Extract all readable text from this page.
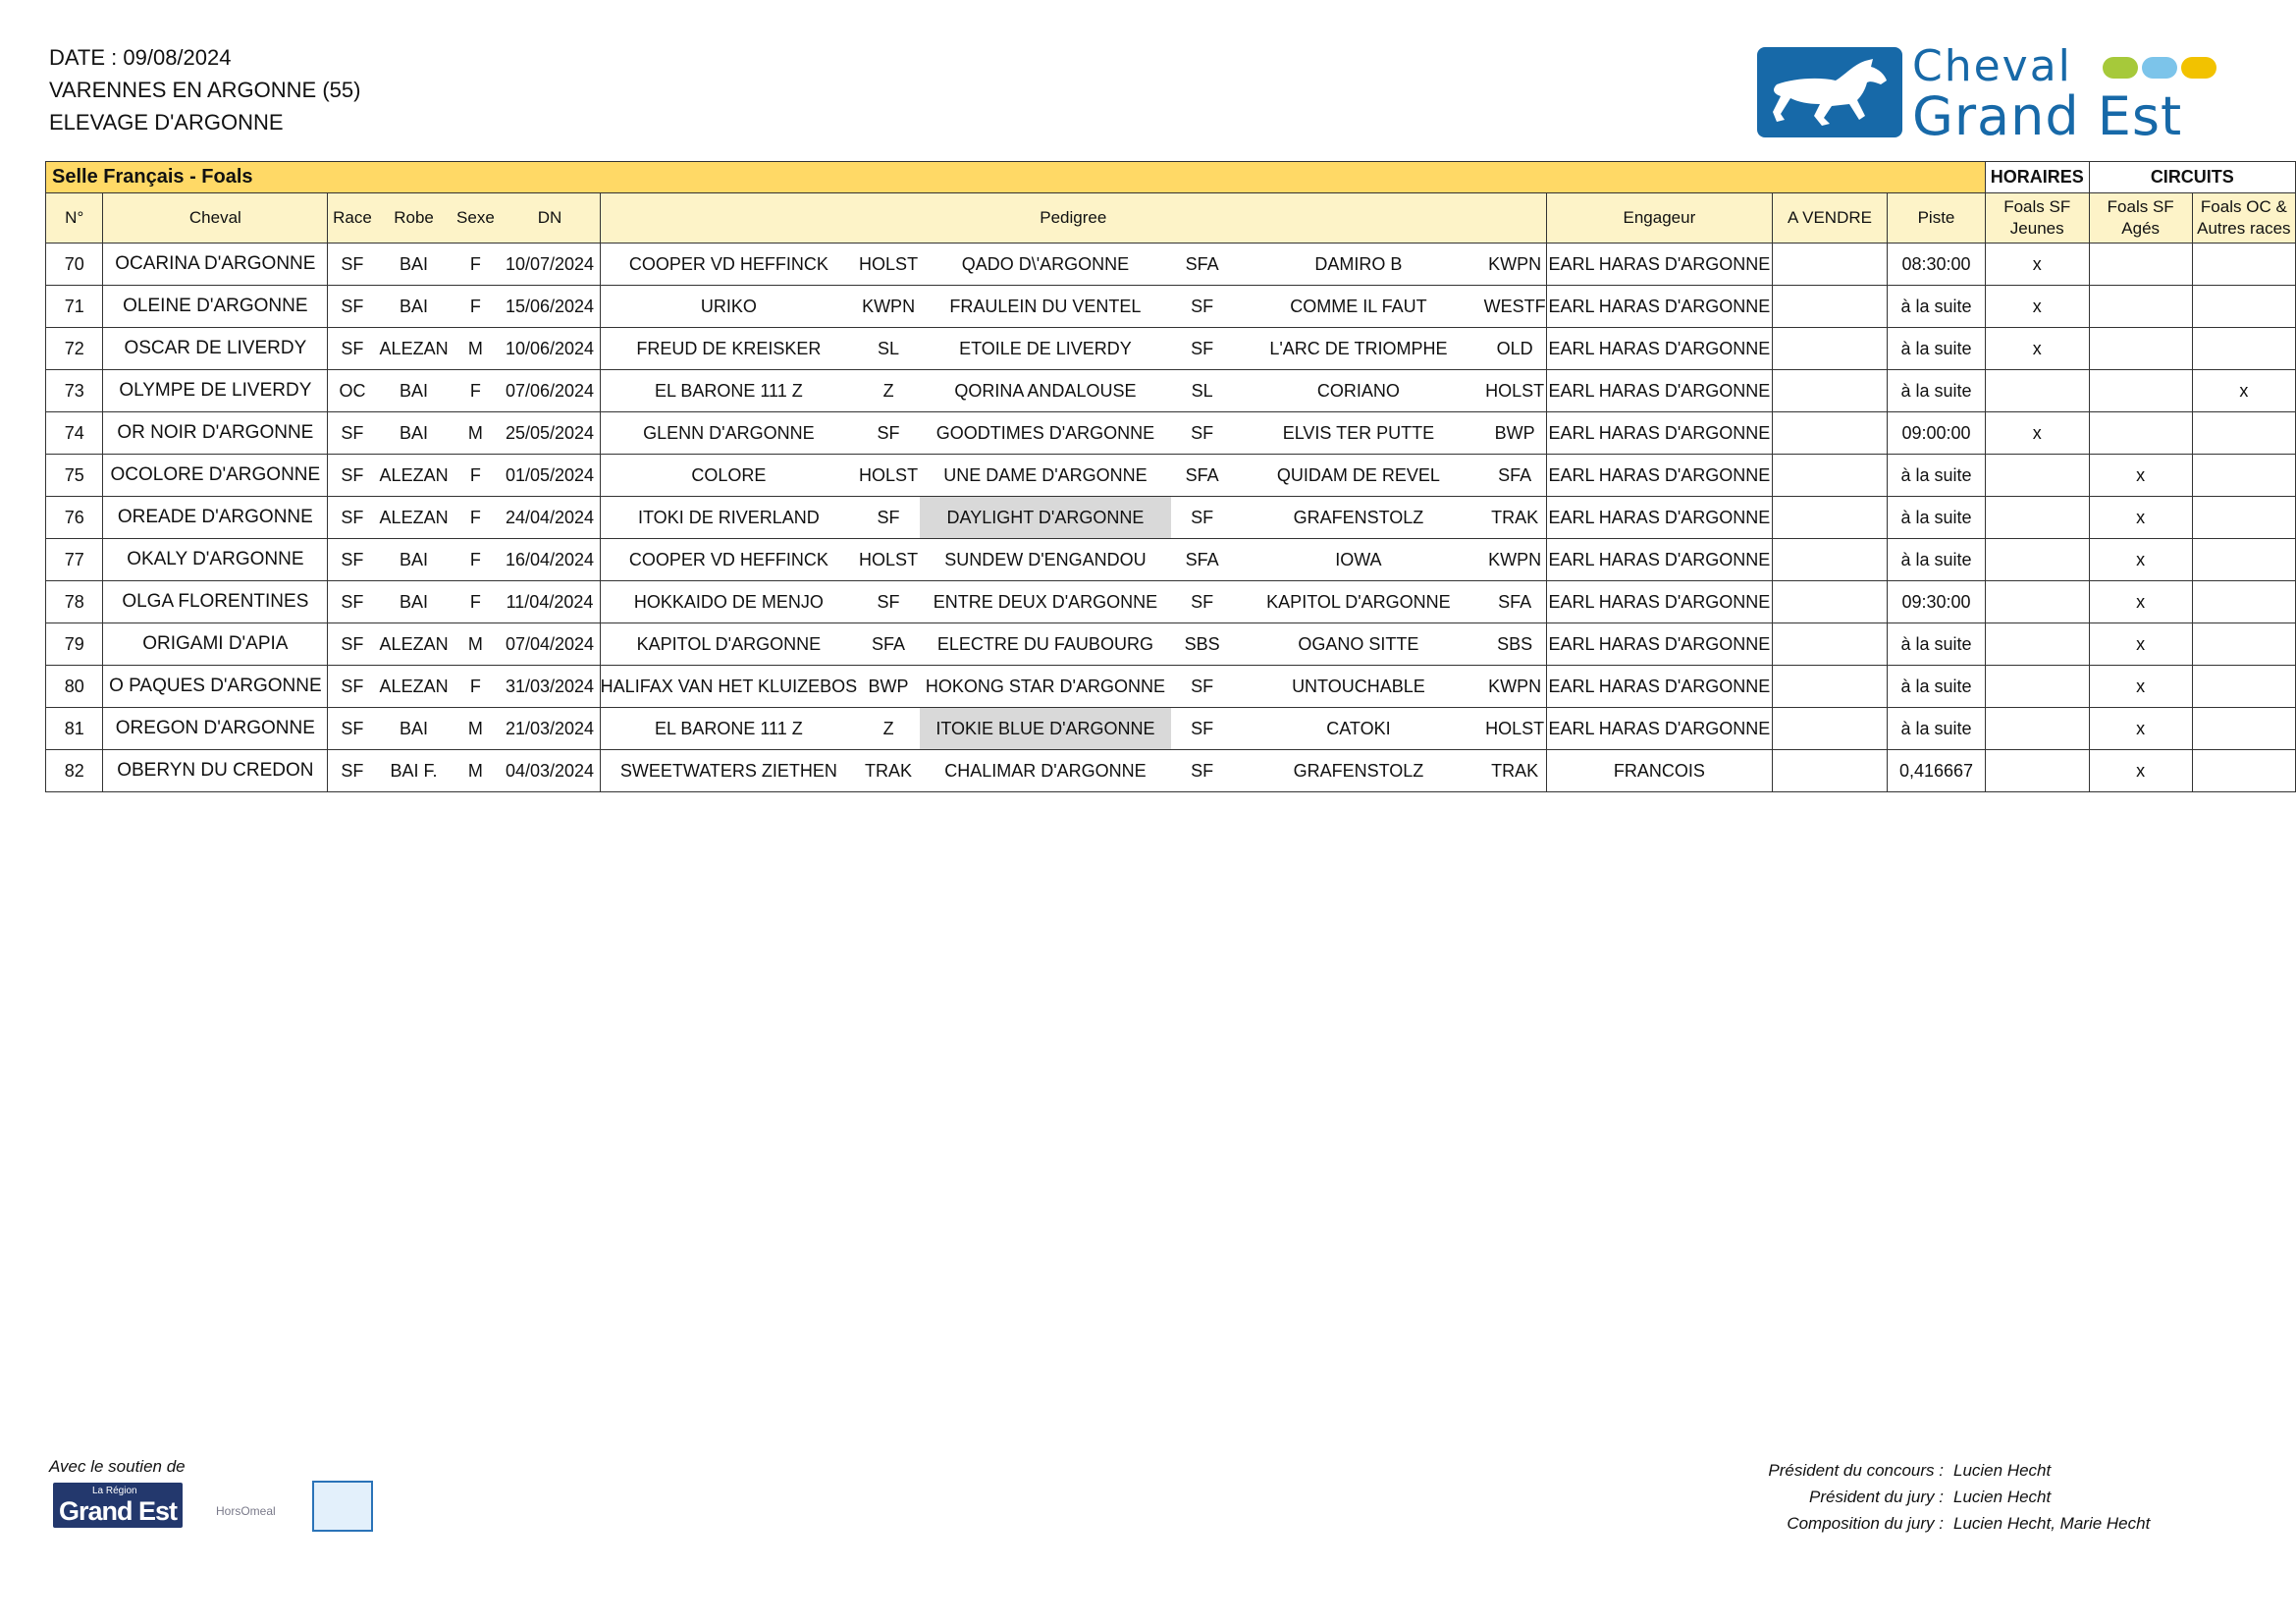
DATE : 09/08/2024
VARENNES EN ARGONNE (55)
ELEVAGE D'ARGONNE
Cheval
Grand Est
Selle Français - Foals															HORAIRES	CIRCUITS	
N°	Cheval	Race	Robe	Sexe	DN	Pedigree						Engageur	A VENDRE	Piste	Foals SF Jeunes	Foals SF Agés	Foals OC & Autres races
70	OCARINA D'ARGONNE	SF	BAI	F	10/07/2024	COOPER VD HEFFINCK	HOLST	QADO D\'ARGONNE	SFA	DAMIRO B	KWPN	EARL HARAS D'ARGONNE		08:30:00	x		
71	OLEINE D'ARGONNE	SF	BAI	F	15/06/2024	URIKO	KWPN	FRAULEIN DU VENTEL	SF	COMME IL FAUT	WESTF	EARL HARAS D'ARGONNE		à la suite	x		
72	OSCAR DE LIVERDY	SF	ALEZAN	M	10/06/2024	FREUD DE KREISKER	SL	ETOILE DE LIVERDY	SF	L'ARC DE TRIOMPHE	OLD	EARL HARAS D'ARGONNE		à la suite	x		
73	OLYMPE DE LIVERDY	OC	BAI	F	07/06/2024	EL BARONE 111 Z	Z	QORINA ANDALOUSE	SL	CORIANO	HOLST	EARL HARAS D'ARGONNE		à la suite			x
74	OR NOIR D'ARGONNE	SF	BAI	M	25/05/2024	GLENN D'ARGONNE	SF	GOODTIMES D'ARGONNE	SF	ELVIS TER PUTTE	BWP	EARL HARAS D'ARGONNE		09:00:00	x		
75	OCOLORE D'ARGONNE	SF	ALEZAN	F	01/05/2024	COLORE	HOLST	UNE DAME D'ARGONNE	SFA	QUIDAM DE REVEL	SFA	EARL HARAS D'ARGONNE		à la suite		x	
76	OREADE D'ARGONNE	SF	ALEZAN	F	24/04/2024	ITOKI DE RIVERLAND	SF	DAYLIGHT D'ARGONNE	SF	GRAFENSTOLZ	TRAK	EARL HARAS D'ARGONNE		à la suite		x	
77	OKALY D'ARGONNE	SF	BAI	F	16/04/2024	COOPER VD HEFFINCK	HOLST	SUNDEW D'ENGANDOU	SFA	IOWA	KWPN	EARL HARAS D'ARGONNE		à la suite		x	
78	OLGA FLORENTINES	SF	BAI	F	11/04/2024	HOKKAIDO DE MENJO	SF	ENTRE DEUX D'ARGONNE	SF	KAPITOL D'ARGONNE	SFA	EARL HARAS D'ARGONNE		09:30:00		x	
79	ORIGAMI D'APIA	SF	ALEZAN	M	07/04/2024	KAPITOL D'ARGONNE	SFA	ELECTRE DU FAUBOURG	SBS	OGANO SITTE	SBS	EARL HARAS D'ARGONNE		à la suite		x	
80	O PAQUES D'ARGONNE	SF	ALEZAN	F	31/03/2024	HALIFAX VAN HET KLUIZEBOS	BWP	HOKONG STAR D'ARGONNE	SF	UNTOUCHABLE	KWPN	EARL HARAS D'ARGONNE		à la suite		x	
81	OREGON D'ARGONNE	SF	BAI	M	21/03/2024	EL BARONE 111 Z	Z	ITOKIE BLUE D'ARGONNE	SF	CATOKI	HOLST	EARL HARAS D'ARGONNE		à la suite		x	
82	OBERYN DU CREDON	SF	BAI F.	M	04/03/2024	SWEETWATERS ZIETHEN	TRAK	CHALIMAR D'ARGONNE	SF	GRAFENSTOLZ	TRAK	FRANCOIS		0,416667		x	
Avec le soutien de
La Région
Grand Est	HorsOmeal
Président du concours : Lucien Hecht
Président du jury : Lucien Hecht
Composition du jury : Lucien Hecht, Marie Hecht
